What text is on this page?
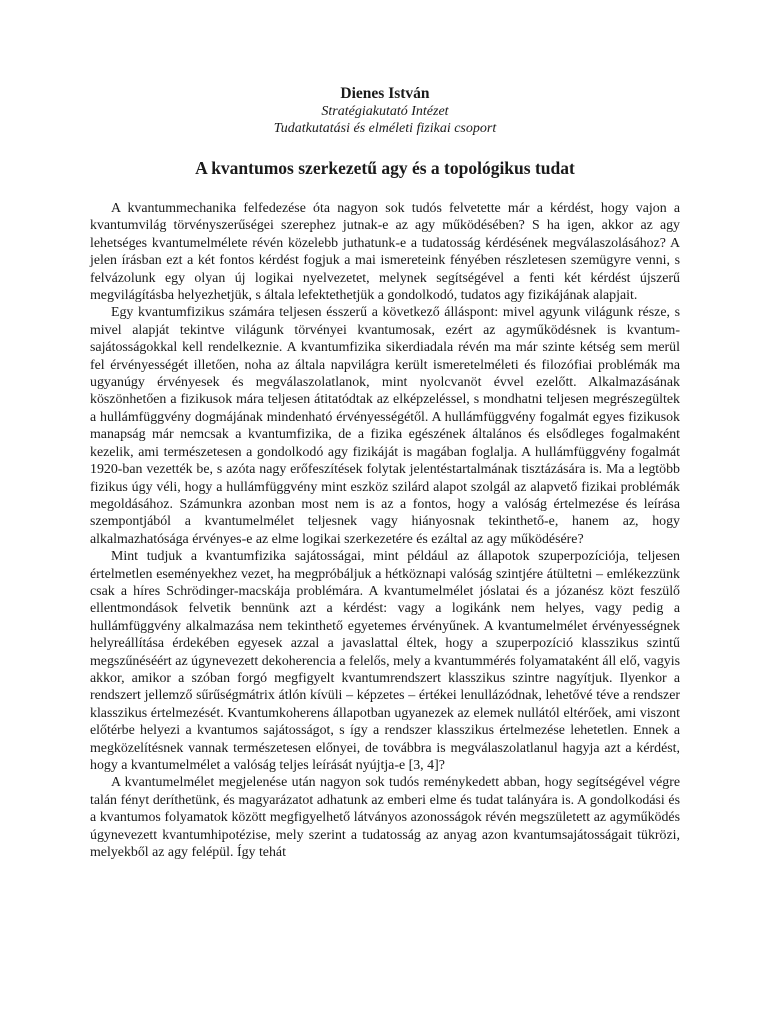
Dienes István

Stratégiakutató Intézet

Tudatkutatási és elméleti fizikai csoport

A kvantumos szerkezetű agy és a topológikus tudat

A kvantummechanika felfedezése óta nagyon sok tudós felvetette már a kérdést, hogy vajon a kvantumvilág törvényszerűségei szerephez jutnak-e az agy működésében? S ha igen, akkor az agy lehetséges kvantumelmélete révén közelebb juthatunk-e a tudatosság kérdésének megválaszolásához? A jelen írásban ezt a két fontos kérdést fogjuk a mai ismereteink fényében részletesen szemügyre venni, s felvázolunk egy olyan új logikai nyelvezetet, melynek segítségével a fenti két kérdést újszerű megvilágításba helyezhetjük, s általa lefektethetjük a gondolkodó, tudatos agy fizikájának alapjait.

Egy kvantumfizikus számára teljesen ésszerű a következő álláspont: mivel agyunk világunk része, s mivel alapját tekintve világunk törvényei kvantumosak, ezért az agyműködésnek is kvantum-sajátosságokkal kell rendelkeznie. A kvantumfizika sikerdiadala révén ma már szinte kétség sem merül fel érvényességét illetően, noha az általa napvilágra került ismeretelméleti és filozófiai problémák ma ugyanúgy érvényesek és megválaszolatlanok, mint nyolcvanöt évvel ezelőtt. Alkalmazásának köszönhetően a fizikusok mára teljesen átitatódtak az elképzeléssel, s mondhatni teljesen megrészegültek a hullámfüggvény dogmájának mindenható érvényességétől. A hullámfüggvény fogalmát egyes fizikusok manapság már nemcsak a kvantumfizika, de a fizika egészének általános és elsődleges fogalmaként kezelik, ami természetesen a gondolkodó agy fizikáját is magában foglalja. A hullámfüggvény fogalmát 1920-ban vezették be, s azóta nagy erőfeszítések folytak jelentéstartalmának tisztázására is. Ma a legtöbb fizikus úgy véli, hogy a hullámfüggvény mint eszköz szilárd alapot szolgál az alapvető fizikai problémák megoldásához. Számunkra azonban most nem is az a fontos, hogy a valóság értelmezése és leírása szempontjából a kvantumelmélet teljesnek vagy hiányosnak tekinthető-e, hanem az, hogy alkalmazhatósága érvényes-e az elme logikai szerkezetére és ezáltal az agy működésére?

Mint tudjuk a kvantumfizika sajátosságai, mint például az állapotok szuperpozíciója, teljesen értelmetlen eseményekhez vezet, ha megpróbáljuk a hétköznapi valóság szintjére átültetni – emlékezzünk csak a híres Schrödinger-macskája problémára. A kvantumelmélet jóslatai és a józanész közt feszülő ellentmondások felvetik bennünk azt a kérdést: vagy a logikánk nem helyes, vagy pedig a hullámfüggvény alkalmazása nem tekinthető egyetemes érvényűnek. A kvantumelmélet érvényességnek helyreállítása érdekében egyesek azzal a javaslattal éltek, hogy a szuperpozíció klasszikus szintű megszűnéséért az úgynevezett dekoherencia a felelős, mely a kvantummérés folyamataként áll elő, vagyis akkor, amikor a szóban forgó megfigyelt kvantumrendszert klasszikus szintre nagyítjuk. Ilyenkor a rendszert jellemző sűrűségmátrix átlón kívüli – képzetes – értékei lenullázódnak, lehetővé téve a rendszer klasszikus értelmezését. Kvantumkoherens állapotban ugyanezek az elemek nullától eltérőek, ami viszont előtérbe helyezi a kvantumos sajátosságot, s így a rendszer klasszikus értelmezése lehetetlen. Ennek a megközelítésnek vannak természetesen előnyei, de továbbra is megválaszolatlanul hagyja azt a kérdést, hogy a kvantumelmélet a valóság teljes leírását nyújtja-e [3, 4]?

A kvantumelmélet megjelenése után nagyon sok tudós reménykedett abban, hogy segítségével végre talán fényt deríthetünk, és magyarázatot adhatunk az emberi elme és tudat talányára is. A gondolkodási és a kvantumos folyamatok között megfigyelhető látványos azonosságok révén megszületett az agyműködés úgynevezett kvantumhipotézise, mely szerint a tudatosság az anyag azon kvantumsajátosságait tükrözi, melyekből az agy felépül. Így tehát
